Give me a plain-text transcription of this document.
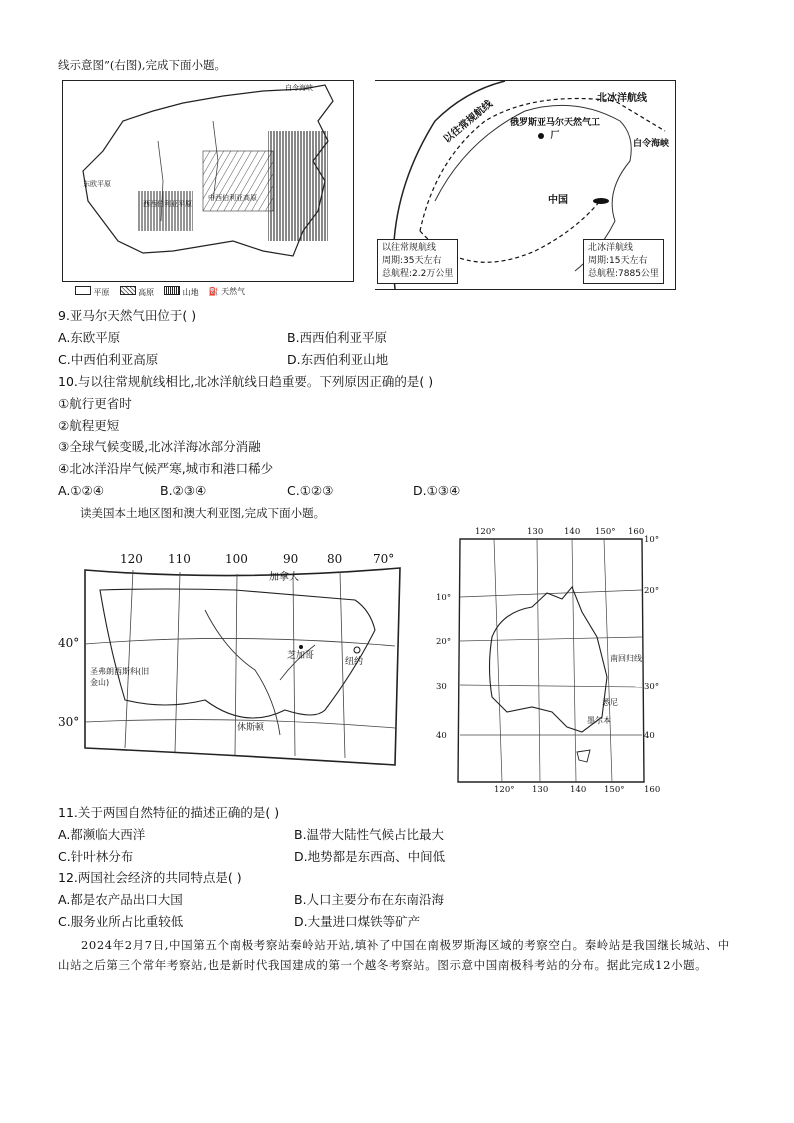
线示意图”(右图),完成下面小题。
白令海峡
东欧平原
西西伯利亚平原
中西伯利亚高原
平原	高原	山地 ⛽ 天然气
北冰洋航线
以往常规航线 俄罗斯亚马尔天然气工厂
白令海峡
中国
以往常规航线
周期:35天左右
总航程:2.2万公里
北冰洋航线
周期:15天左右
总航程:7885公里
9.亚马尔天然气田位于( )
A.东欧平原	B.西西伯利亚平原
C.中西伯利亚高原	D.东西伯利亚山地
10.与以往常规航线相比,北冰洋航线日趋重要。下列原因正确的是( )
①航行更省时
②航程更短
③全球气候变暖,北冰洋海冰部分消融
④北冰洋沿岸气候严寒,城市和港口稀少
A.①②④	B.②③④	C.①②③	D.①③④
读美国本土地区图和澳大利亚图,完成下面小题。
120 110	100	90 80	70°
40°
30°
加拿大
芝加哥
纽约
圣弗朗西斯科(旧金山)
休斯顿
120°	130 140 150° 160
10°
20°
30
40
10°
20°
30°
40
120° 130	140 150° 160
南回归线
悉尼
墨尔本
11.关于两国自然特征的描述正确的是( )
A.都濒临大西洋	B.温带大陆性气候占比最大
C.针叶林分布	D.地势都是东西高、中间低
12.两国社会经济的共同特点是( )
A.都是农产品出口大国	B.人口主要分布在东南沿海
C.服务业所占比重较低	D.大量进口煤铁等矿产
2024年2月7日,中国第五个南极考察站秦岭站开站,填补了中国在南极罗斯海区域的考察空白。秦岭站是我国继长城站、中山站之后第三个常年考察站,也是新时代我国建成的第一个越冬考察站。图示意中国南极科考站的分布。据此完成12小题。
